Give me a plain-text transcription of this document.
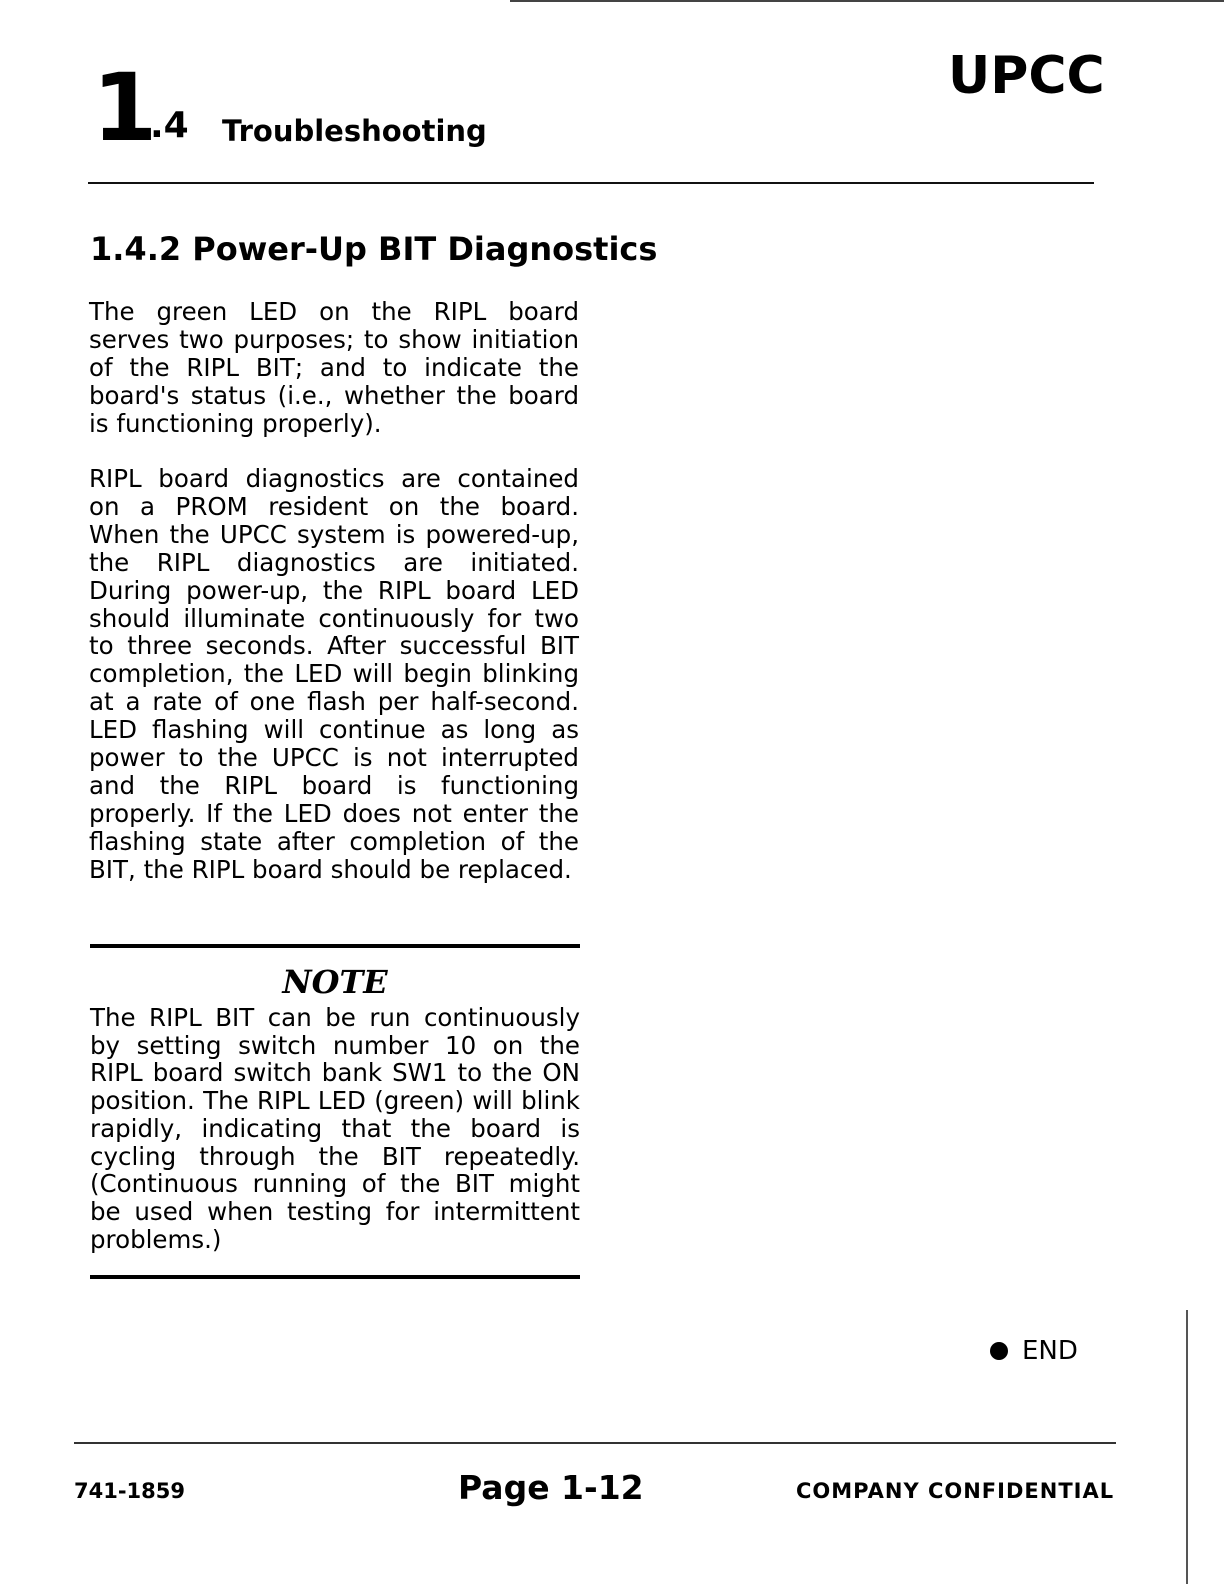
1
.4 Troubleshooting
UPCC
1.4.2 Power-Up BIT Diagnostics

The green LED on the RIPL board serves two purposes; to show initiation of the RIPL BIT; and to indicate the board's status (i.e., whether the board is functioning properly).

RIPL board diagnostics are contained on a PROM resident on the board. When the UPCC system is powered-up, the RIPL diagnostics are initiated. During power-up, the RIPL board LED should illuminate continuously for two to three seconds. After successful BIT completion, the LED will begin blinking at a rate of one flash per half-second. LED flashing will continue as long as power to the UPCC is not interrupted and the RIPL board is functioning properly. If the LED does not enter the flashing state after completion of the BIT, the RIPL board should be replaced.

NOTE

The RIPL BIT can be run continuously by setting switch number 10 on the RIPL board switch bank SW1 to the ON position. The RIPL LED (green) will blink rapidly, indicating that the board is cycling through the BIT repeatedly. (Continuous running of the BIT might be used when testing for intermittent problems.)

END
741-1859	Page 1-12	COMPANY CONFIDENTIAL
